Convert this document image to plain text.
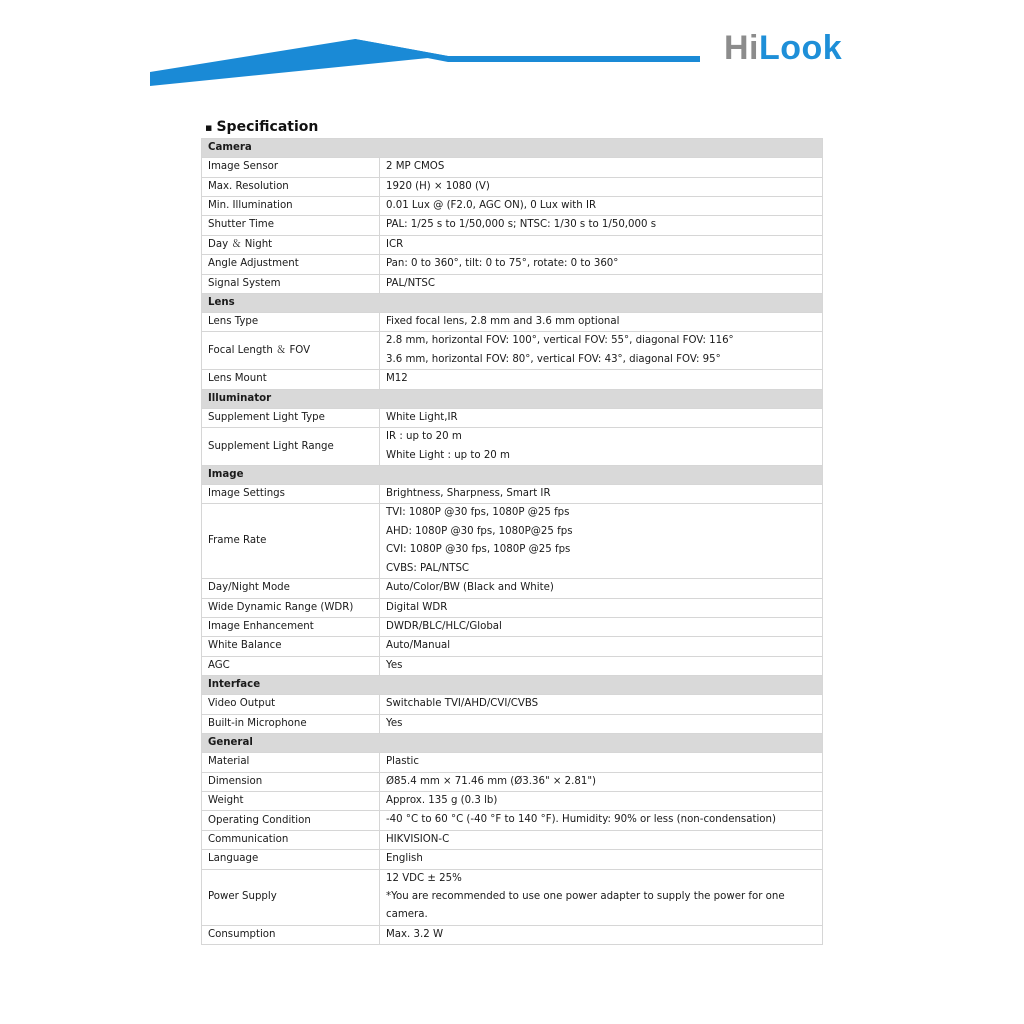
HiLook
▪ Specification
Camera	
Image Sensor	2 MP CMOS

Max. Resolution	1920 (H) × 1080 (V)

Min. Illumination	0.01 Lux @ (F2.0, AGC ON), 0 Lux with IR

Shutter Time	PAL: 1/25 s to 1/50,000 s; NTSC: 1/30 s to 1/50,000 s

Day ＆ Night	ICR

Angle Adjustment	Pan: 0 to 360°, tilt: 0 to 75°, rotate: 0 to 360°

Signal System	PAL/NTSC

Lens	
Lens Type	Fixed focal lens, 2.8 mm and 3.6 mm optional

Focal Length ＆ FOV	2.8 mm, horizontal FOV: 100°, vertical FOV: 55°, diagonal FOV: 116°
3.6 mm, horizontal FOV: 80°, vertical FOV: 43°, diagonal FOV: 95°

Lens Mount	M12

Illuminator	
Supplement Light Type	White Light,IR

Supplement Light Range	IR : up to 20 m
White Light : up to 20 m

Image	
Image Settings	Brightness, Sharpness, Smart IR

Frame Rate	TVI: 1080P @30 fps, 1080P @25 fps
AHD: 1080P @30 fps, 1080P@25 fps
CVI: 1080P @30 fps, 1080P @25 fps
CVBS: PAL/NTSC

Day/Night Mode	Auto/Color/BW (Black and White)

Wide Dynamic Range (WDR)	Digital WDR

Image Enhancement	DWDR/BLC/HLC/Global

White Balance	Auto/Manual

AGC	Yes

Interface	
Video Output	Switchable TVI/AHD/CVI/CVBS

Built-in Microphone	Yes

General	
Material	Plastic

Dimension	Ø85.4 mm × 71.46 mm (Ø3.36" × 2.81")

Weight	Approx. 135 g (0.3 lb)

Operating Condition	-40 °C to 60 °C (-40 °F to 140 °F). Humidity: 90% or less (non-condensation)

Communication	HIKVISION-C

Language	English

Power Supply	12 VDC ± 25%
*You are recommended to use one power adapter to supply the power for one
camera.

Consumption	Max. 3.2 W
